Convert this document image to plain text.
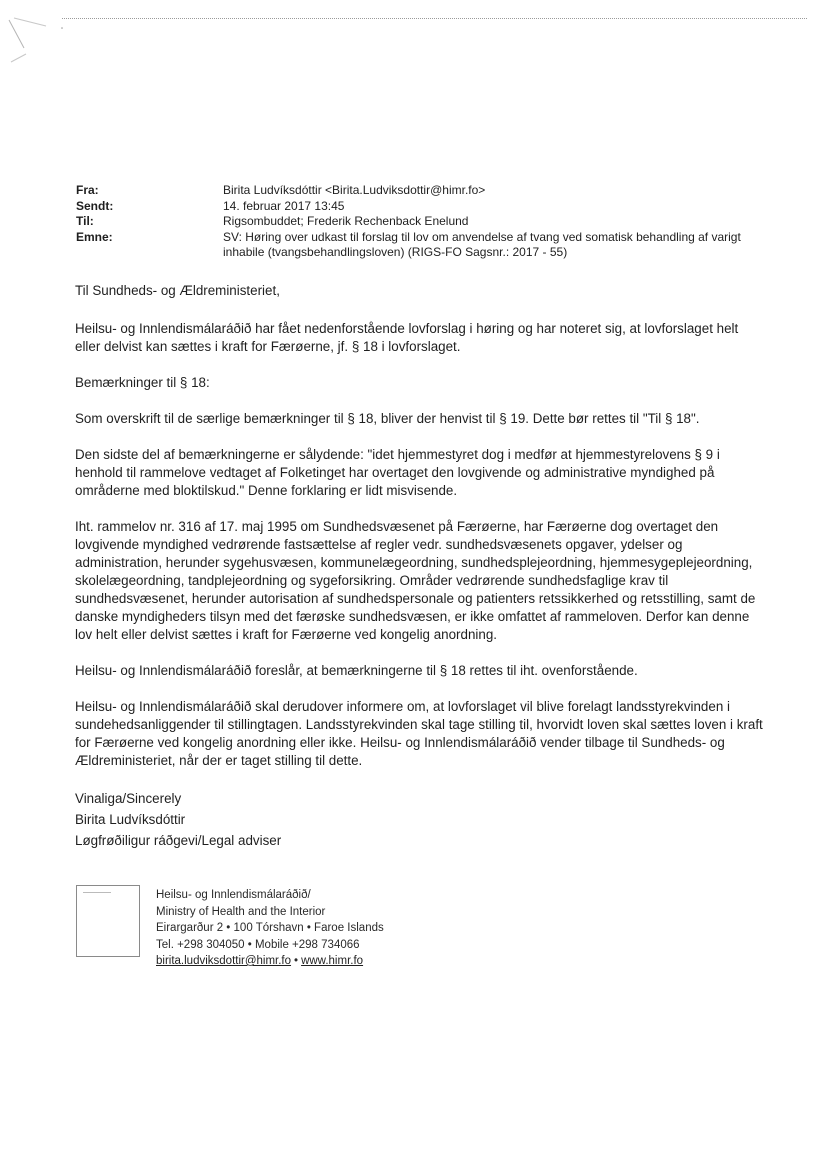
Fra:	Birita Ludvíksdóttir <Birita.Ludviksdottir@himr.fo>
Sendt:	14. februar 2017 13:45
Til:	Rigsombuddet; Frederik Rechenback Enelund
Emne:	SV: Høring over udkast til forslag til lov om anvendelse af tvang ved somatisk behandling af varigt inhabile (tvangsbehandlingsloven) (RIGS-FO Sagsnr.: 2017 - 55)

Til Sundheds- og Ældreministeriet,

Heilsu- og Innlendismálaráðið har fået nedenforstående lovforslag i høring og har noteret sig, at lovforslaget helt eller delvist kan sættes i kraft for Færøerne, jf. § 18 i lovforslaget.

Bemærkninger til § 18:

Som overskrift til de særlige bemærkninger til § 18, bliver der henvist til § 19. Dette bør rettes til "Til § 18".

Den sidste del af bemærkningerne er sålydende: "idet hjemmestyret dog i medfør at hjemmestyrelovens § 9 i henhold til rammelove vedtaget af Folketinget har overtaget den lovgivende og administrative myndighed på områderne med bloktilskud." Denne forklaring er lidt misvisende.

Iht. rammelov nr. 316 af 17. maj 1995 om Sundhedsvæsenet på Færøerne, har Færøerne dog overtaget den lovgivende myndighed vedrørende fastsættelse af regler vedr. sundhedsvæsenets opgaver, ydelser og administration, herunder sygehusvæsen, kommunelægeordning, sundhedsplejeordning, hjemmesygeplejeordning, skolelægeordning, tandplejeordning og sygeforsikring. Områder vedrørende sundhedsfaglige krav til sundhedsvæsenet, herunder autorisation af sundhedspersonale og patienters retssikkerhed og retsstilling, samt de danske myndigheders tilsyn med det færøske sundhedsvæsen, er ikke omfattet af rammeloven. Derfor kan denne lov helt eller delvist sættes i kraft for Færøerne ved kongelig anordning.

Heilsu- og Innlendismálaráðið foreslår, at bemærkningerne til § 18 rettes til iht. ovenforstående.

Heilsu- og Innlendismálaráðið skal derudover informere om, at lovforslaget vil blive forelagt landsstyrekvinden i sundehedsanliggender til stillingtagen. Landsstyrekvinden skal tage stilling til, hvorvidt loven skal sættes loven i kraft for Færøerne ved kongelig anordning eller ikke. Heilsu- og Innlendismálaráðið vender tilbage til Sundheds- og Ældreministeriet, når der er taget stilling til dette.

Vinaliga/Sincerely
Birita Ludvíksdóttir
Løgfrøðiligur ráðgevi/Legal adviser
Heilsu- og Innlendismálaráðið/
Ministry of Health and the Interior
Eirargarður 2 • 100 Tórshavn • Faroe Islands
Tel. +298 304050 • Mobile +298 734066
birita.ludviksdottir@himr.fo • www.himr.fo
